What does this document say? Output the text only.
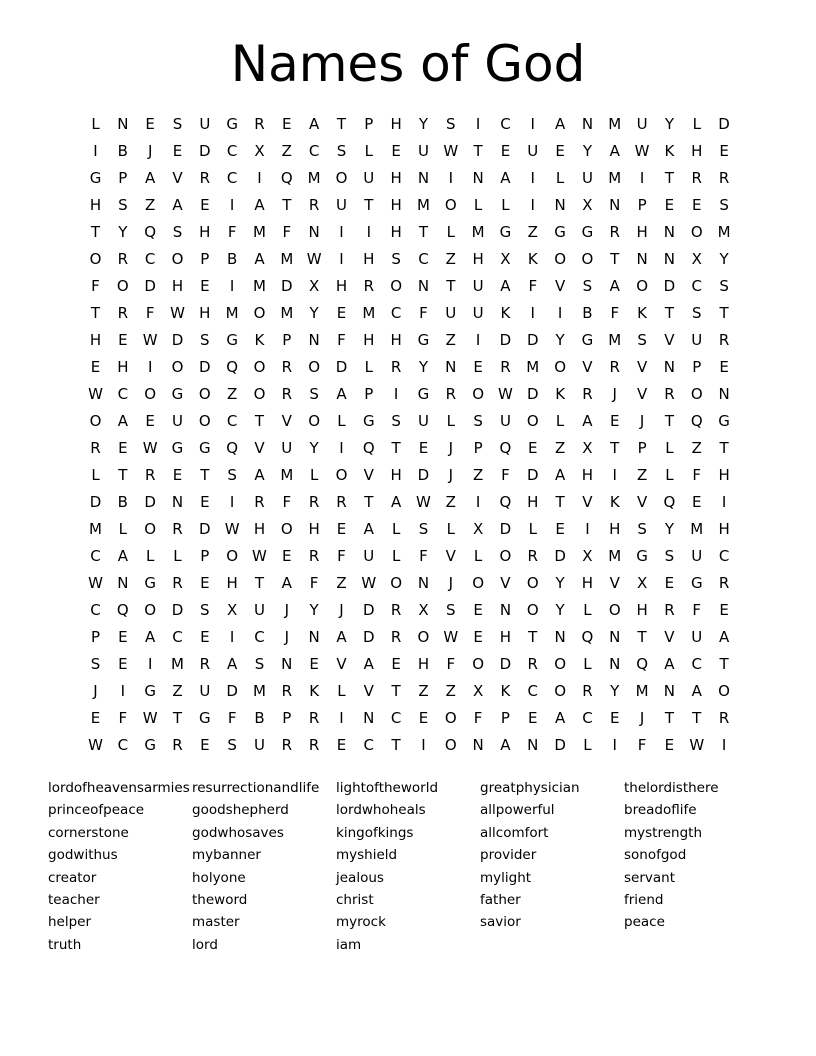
Names of God
L	N	E	S	U	G	R	E	A	T	P	H	Y	S	I	C	I	A	N	M	U	Y	L	D
I	B	J	E	D	C	X	Z	C	S	L	E	U W	T	E	U	E	Y	A W K	H	E
G	P	A	V	R	C	I	Q M O	U	H	N	I	N	A	I	L	U	M	I	T	R	R
H	S	Z	A	E	I	A	T	R	U	T	H	M O	L	L	I	N	X	N	P	E	E	S
T	Y	Q	S	H	F	M	F	N	I	I	H	T	L	M	G	Z	G	G	R	H	N	O M
O	R	C	O	P	B	A	M W	I	H	S	C	Z	H	X	K	O	O	T	N	N	X	Y
F	O	D	H	E	I	M	D	X	H	R	O	N	T	U	A	F	V	S	A	O	D	C	S
T	R	F	W H	M O M	Y	E	M	C	F	U	U	K	I	I	B	F	K	T	S	T
H	E	W D	S	G	K	P	N	F	H	H	G	Z	I	D	D	Y	G	M	S	V	U	R
E	H	I	O	D	Q	O	R	O	D	L	R	Y	N	E	R	M O	V	R	V	N	P	E
W C	O	G	O	Z	O	R	S	A	P	I	G	R	O W D	K	R	J	V	R	O	N
O	A	E	U	O	C	T	V	O	L	G	S	U	L	S	U	O	L	A	E	J	T	Q	G
R	E	W G	G	Q	V	U	Y	I	Q	T	E	J	P	Q	E	Z	X	T	P	L	Z	T
L	T	R	E	T	S	A	M	L	O	V	H	D	J	Z	F	D	A	H	I	Z	L	F	H
D	B	D	N	E	I	R	F	R	R	T	A W Z	I	Q	H	T	V	K	V	Q	E	I
M	L	O	R	D W H	O	H	E	A	L	S	L	X	D	L	E	I	H	S	Y	M	H
C	A	L	L	P	O W	E	R	F	U	L	F	V	L	O	R	D	X	M	G	S	U	C
W N	G	R	E	H	T	A	F	Z W O	N	J	O	V	O	Y	H	V	X	E	G	R
C	Q	O	D	S	X	U	J	Y	J	D	R	X	S	E	N	O	Y	L	O	H	R	F	E
P	E	A	C	E	I	C	J	N	A	D	R	O W	E	H	T	N	Q	N	T	V	U	A
S	E	I	M	R	A	S	N	E	V	A	E	H	F	O	D	R	O	L	N	Q	A	C	T
J	I	G	Z	U	D	M	R	K	L	V	T	Z	Z	X	K	C	O	R	Y	M	N	A	O
E	F	W	T	G	F	B	P	R	I	N	C	E	O	F	P	E	A	C	E	J	T	T	R
W C	G	R	E	S	U	R	R	E	C	T	I	O	N	A	N	D	L	I	F	E	W	I
lordofheavensarmies
princeofpeace
cornerstone
godwithus
creator
teacher
helper
truth
resurrectionandlife
goodshepherd
godwhosaves
mybanner
holyone
theword
master
lord
lightoftheworld
lordwhoheals
kingofkings
myshield
jealous
christ
myrock
iam
greatphysician
allpowerful
allcomfort
provider
mylight
father
savior
thelordisthere
breadoflife
mystrength
sonofgod
servant
friend
peace
